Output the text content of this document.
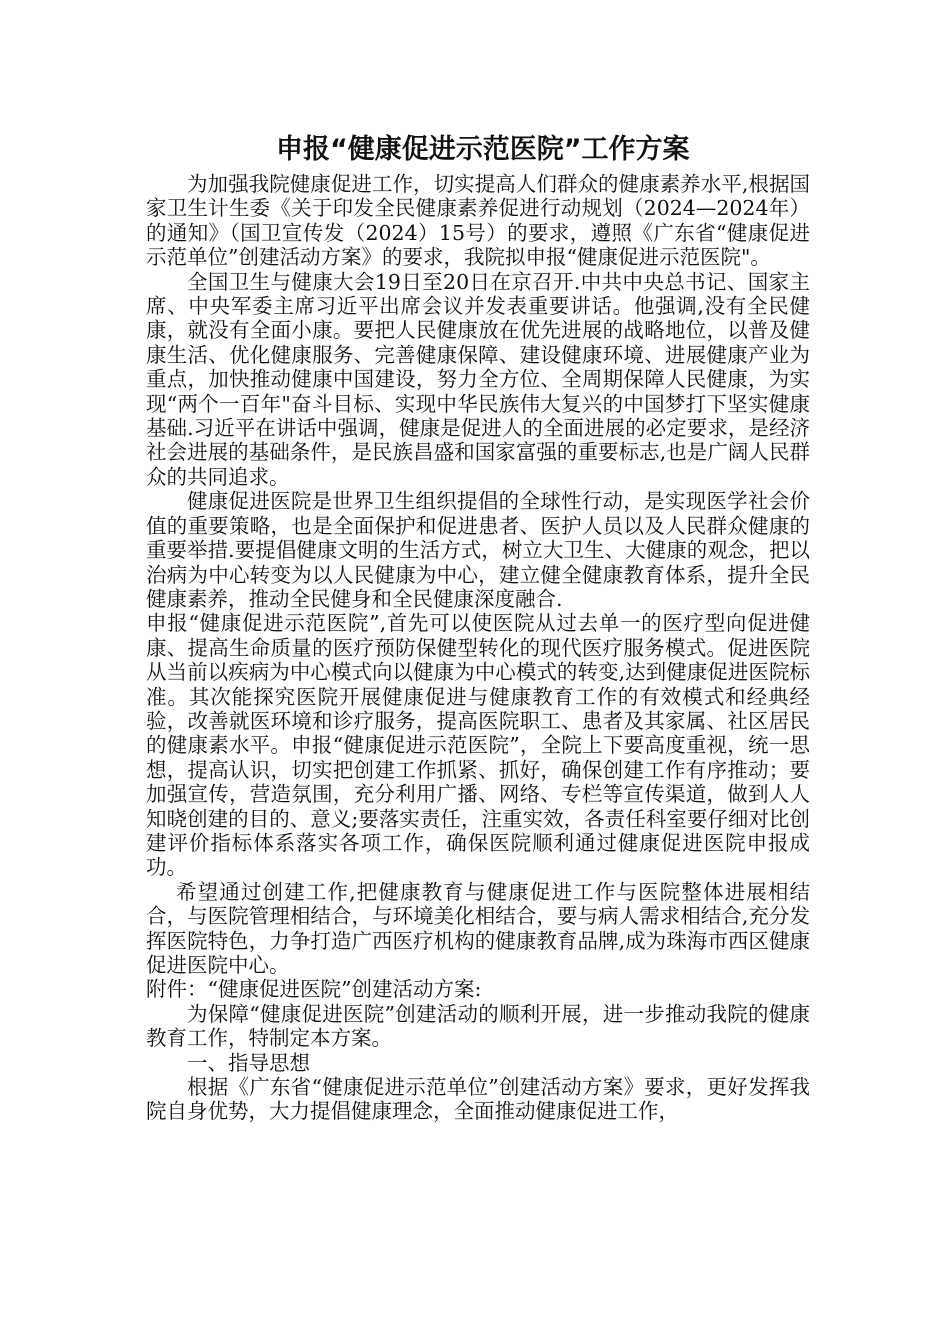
申报“健康促进示范医院”工作方案

为加强我院健康促进工作，切实提高人们群众的健康素养水平,根据国家卫生计生委《关于印发全民健康素养促进行动规划（2024—2024年）的通知》（国卫宣传发（2024）15号）的要求，遵照《广东省“健康促进示范单位”创建活动方案》的要求，我院拟申报“健康促进示范医院"。

全国卫生与健康大会19日至20日在京召开.中共中央总书记、国家主席、中央军委主席习近平出席会议并发表重要讲话。他强调,没有全民健康，就没有全面小康。要把人民健康放在优先进展的战略地位，以普及健康生活、优化健康服务、完善健康保障、建设健康环境、进展健康产业为重点，加快推动健康中国建设，努力全方位、全周期保障人民健康，为实现“两个一百年"奋斗目标、实现中华民族伟大复兴的中国梦打下坚实健康基础.习近平在讲话中强调，健康是促进人的全面进展的必定要求，是经济社会进展的基础条件，是民族昌盛和国家富强的重要标志,也是广阔人民群众的共同追求。

健康促进医院是世界卫生组织提倡的全球性行动，是实现医学社会价值的重要策略，也是全面保护和促进患者、医护人员以及人民群众健康的重要举措.要提倡健康文明的生活方式，树立大卫生、大健康的观念，把以治病为中心转变为以人民健康为中心，建立健全健康教育体系，提升全民健康素养，推动全民健身和全民健康深度融合.

申报“健康促进示范医院”,首先可以使医院从过去单一的医疗型向促进健康、提高生命质量的医疗预防保健型转化的现代医疗服务模式。促进医院从当前以疾病为中心模式向以健康为中心模式的转变,达到健康促进医院标准。其次能探究医院开展健康促进与健康教育工作的有效模式和经典经验，改善就医环境和诊疗服务，提高医院职工、患者及其家属、社区居民的健康素水平。申报“健康促进示范医院”，全院上下要高度重视，统一思想，提高认识，切实把创建工作抓紧、抓好，确保创建工作有序推动；要加强宣传，营造氛围，充分利用广播、网络、专栏等宣传渠道，做到人人知晓创建的目的、意义;要落实责任，注重实效，各责任科室要仔细对比创建评价指标体系落实各项工作，确保医院顺利通过健康促进医院申报成功。

希望通过创建工作,把健康教育与健康促进工作与医院整体进展相结合，与医院管理相结合，与环境美化相结合，要与病人需求相结合,充分发挥医院特色，力争打造广西医疗机构的健康教育品牌,成为珠海市西区健康促进医院中心。

附件：“健康促进医院”创建活动方案:

为保障“健康促进医院”创建活动的顺利开展，进一步推动我院的健康教育工作，特制定本方案。

一、指导思想

根据《广东省“健康促进示范单位”创建活动方案》要求，更好发挥我院自身优势，大力提倡健康理念，全面推动健康促进工作，
